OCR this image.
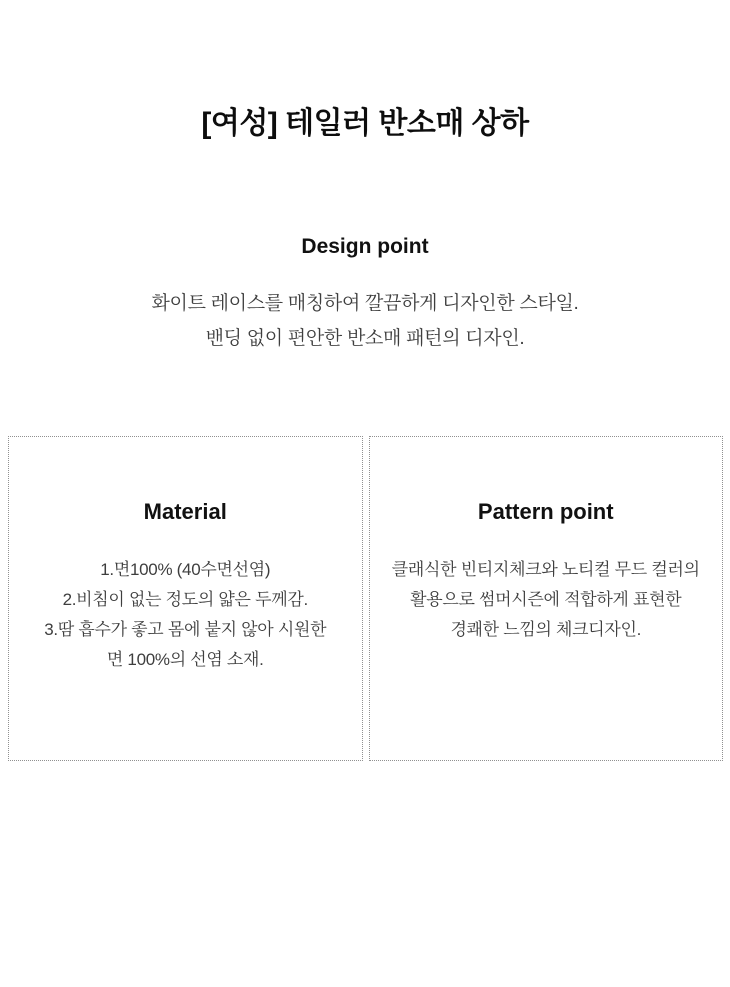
[여성] 테일러 반소매 상하
Design point

화이트 레이스를 매칭하여 깔끔하게 디자인한 스타일.

밴딩 없이 편안한 반소매 패턴의 디자인.

Material

1.면100% (40수면선염)

2.비침이 없는 정도의 얇은 두께감.

3.땀 흡수가 좋고 몸에 붙지 않아 시원한

면 100%의 선염 소재.

Pattern point

클래식한 빈티지체크와 노티컬 무드 컬러의

활용으로 썸머시즌에 적합하게 표현한

경쾌한 느낌의 체크디자인.
